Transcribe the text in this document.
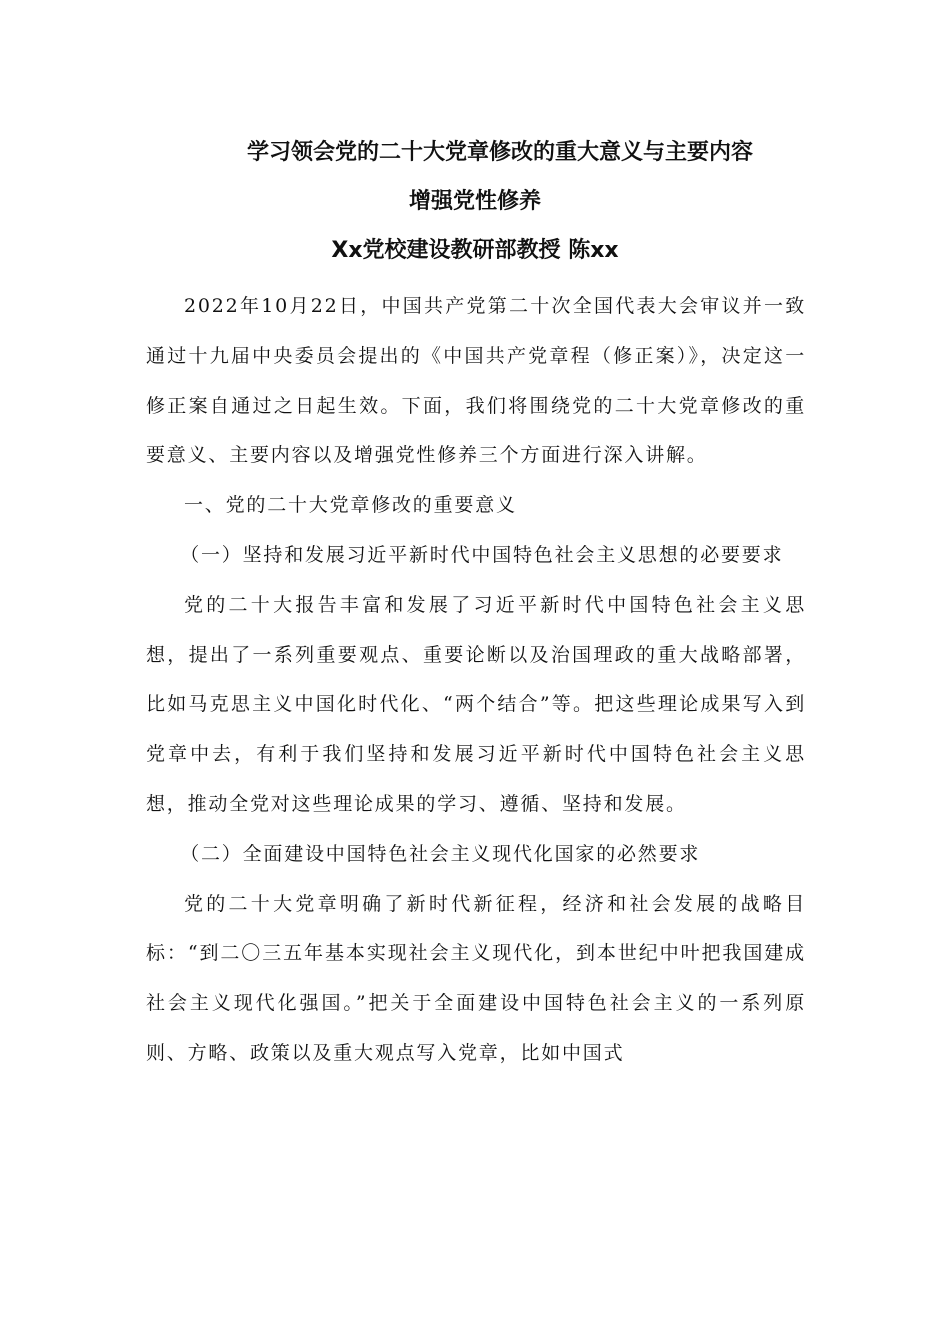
学习领会党的二十大党章修改的重大意义与主要内容
增强党性修养
Xx党校建设教研部教授 陈xx

2022年10月22日，中国共产党第二十次全国代表大会审议并一致通过十九届中央委员会提出的《中国共产党章程（修正案）》，决定这一修正案自通过之日起生效。下面，我们将围绕党的二十大党章修改的重要意义、主要内容以及增强党性修养三个方面进行深入讲解。

一、党的二十大党章修改的重要意义

（一）坚持和发展习近平新时代中国特色社会主义思想的必要要求

党的二十大报告丰富和发展了习近平新时代中国特色社会主义思想，提出了一系列重要观点、重要论断以及治国理政的重大战略部署，比如马克思主义中国化时代化、“两个结合”等。把这些理论成果写入到党章中去，有利于我们坚持和发展习近平新时代中国特色社会主义思想，推动全党对这些理论成果的学习、遵循、坚持和发展。

（二）全面建设中国特色社会主义现代化国家的必然要求

党的二十大党章明确了新时代新征程，经济和社会发展的战略目标：“到二〇三五年基本实现社会主义现代化，到本世纪中叶把我国建成社会主义现代化强国。”把关于全面建设中国特色社会主义的一系列原则、方略、政策以及重大观点写入党章，比如中国式
